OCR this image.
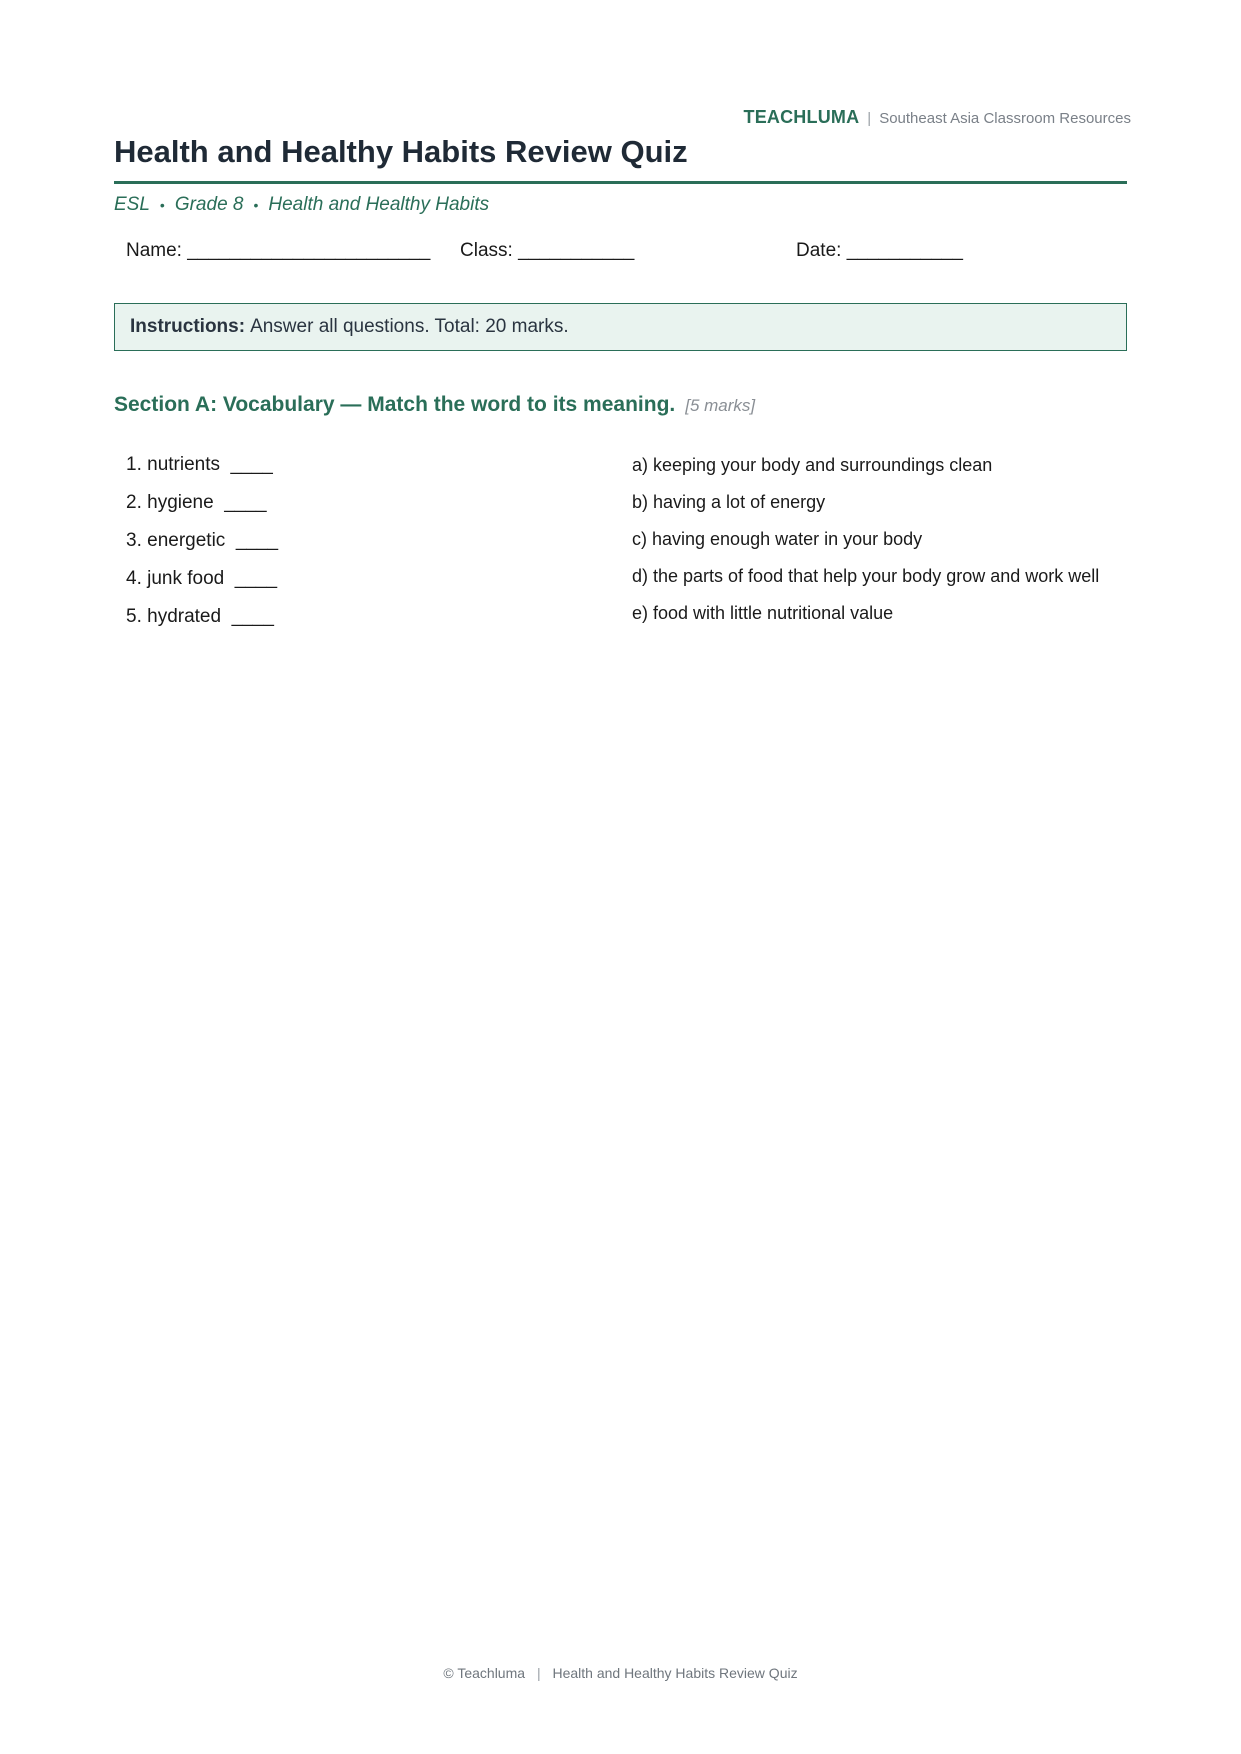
TEACHLUMA | Southeast Asia Classroom Resources
Health and Healthy Habits Review Quiz
ESL • Grade 8 • Health and Healthy Habits
Name: _______________________ Class: ___________	Date: ___________
Instructions: Answer all questions. Total: 20 marks.
Section A: Vocabulary — Match the word to its meaning. [5 marks]
1. nutrients  ____
2. hygiene  ____
3. energetic  ____
4. junk food  ____
5. hydrated  ____
a) keeping your body and surroundings clean
b) having a lot of energy
c) having enough water in your body
d) the parts of food that help your body grow and work well
e) food with little nutritional value
© Teachluma | Health and Healthy Habits Review Quiz
